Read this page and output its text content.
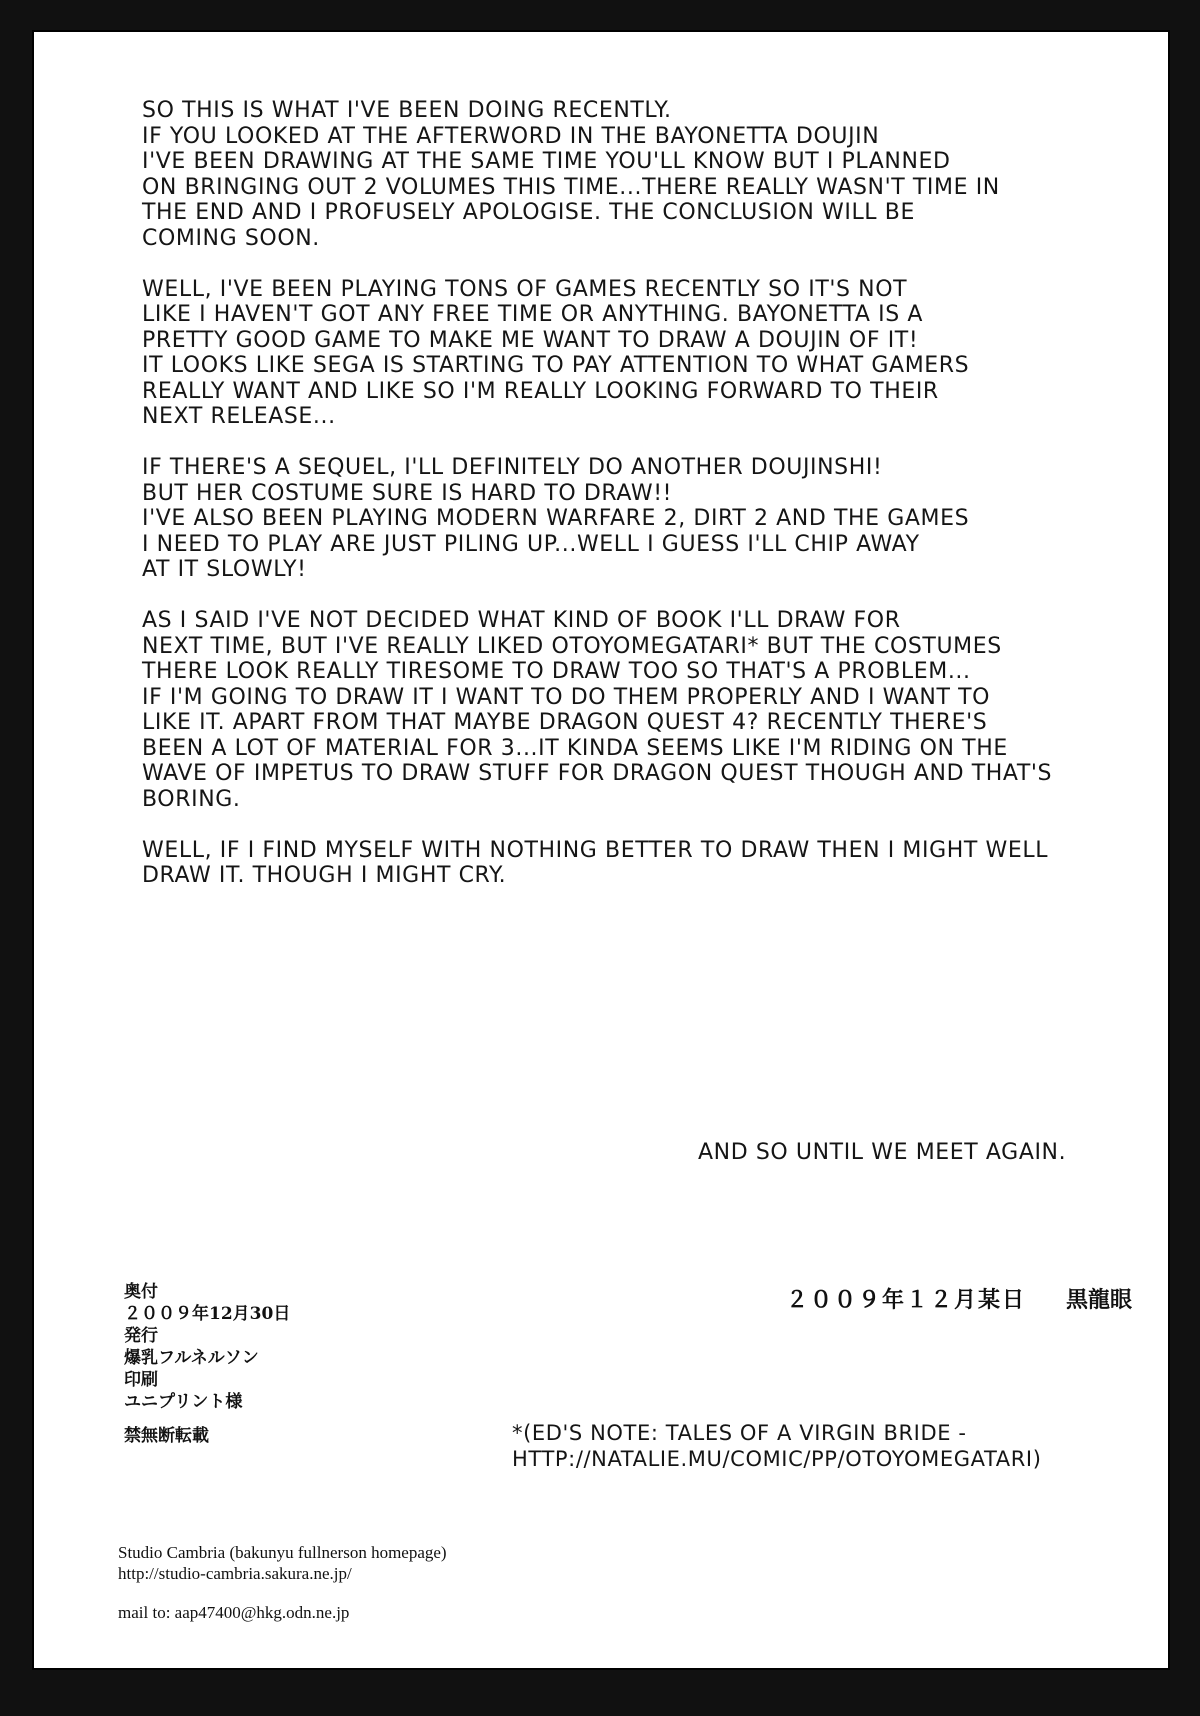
SO THIS IS WHAT I'VE BEEN DOING RECENTLY.
IF YOU LOOKED AT THE AFTERWORD IN THE BAYONETTA DOUJIN
I'VE BEEN DRAWING AT THE SAME TIME YOU'LL KNOW BUT I PLANNED
ON BRINGING OUT 2 VOLUMES THIS TIME...THERE REALLY WASN'T TIME IN
THE END AND I PROFUSELY APOLOGISE. THE CONCLUSION WILL BE
COMING SOON.
WELL, I'VE BEEN PLAYING TONS OF GAMES RECENTLY SO IT'S NOT
LIKE I HAVEN'T GOT ANY FREE TIME OR ANYTHING. BAYONETTA IS A
PRETTY GOOD GAME TO MAKE ME WANT TO DRAW A DOUJIN OF IT!
IT LOOKS LIKE SEGA IS STARTING TO PAY ATTENTION TO WHAT GAMERS
REALLY WANT AND LIKE SO I'M REALLY LOOKING FORWARD TO THEIR
NEXT RELEASE...
IF THERE'S A SEQUEL, I'LL DEFINITELY DO ANOTHER DOUJINSHI!
BUT HER COSTUME SURE IS HARD TO DRAW!!
I'VE ALSO BEEN PLAYING MODERN WARFARE 2, DIRT 2 AND THE GAMES
I NEED TO PLAY ARE JUST PILING UP...WELL I GUESS I'LL CHIP AWAY
AT IT SLOWLY!
AS I SAID I'VE NOT DECIDED WHAT KIND OF BOOK I'LL DRAW FOR
NEXT TIME, BUT I'VE REALLY LIKED OTOYOMEGATARI* BUT THE COSTUMES
THERE LOOK REALLY TIRESOME TO DRAW TOO SO THAT'S A PROBLEM...
IF I'M GOING TO DRAW IT I WANT TO DO THEM PROPERLY AND I WANT TO
LIKE IT. APART FROM THAT MAYBE DRAGON QUEST 4? RECENTLY THERE'S
BEEN A LOT OF MATERIAL FOR 3...IT KINDA SEEMS LIKE I'M RIDING ON THE
WAVE OF IMPETUS TO DRAW STUFF FOR DRAGON QUEST THOUGH AND THAT'S
BORING.
WELL, IF I FIND MYSELF WITH NOTHING BETTER TO DRAW THEN I MIGHT WELL
DRAW IT. THOUGH I MIGHT CRY.
AND SO UNTIL WE MEET AGAIN.
２００９年１２月某日 黒龍眼
奥付
２００９年12月30日
発行
爆乳フルネルソン
印刷
ユニプリント様
禁無断転載	*(ED'S NOTE: TALES OF A VIRGIN BRIDE -
HTTP://NATALIE.MU/COMIC/PP/OTOYOMEGATARI)
Studio Cambria (bakunyu fullnerson homepage)
http://studio-cambria.sakura.ne.jp/
mail to: aap47400@hkg.odn.ne.jp
